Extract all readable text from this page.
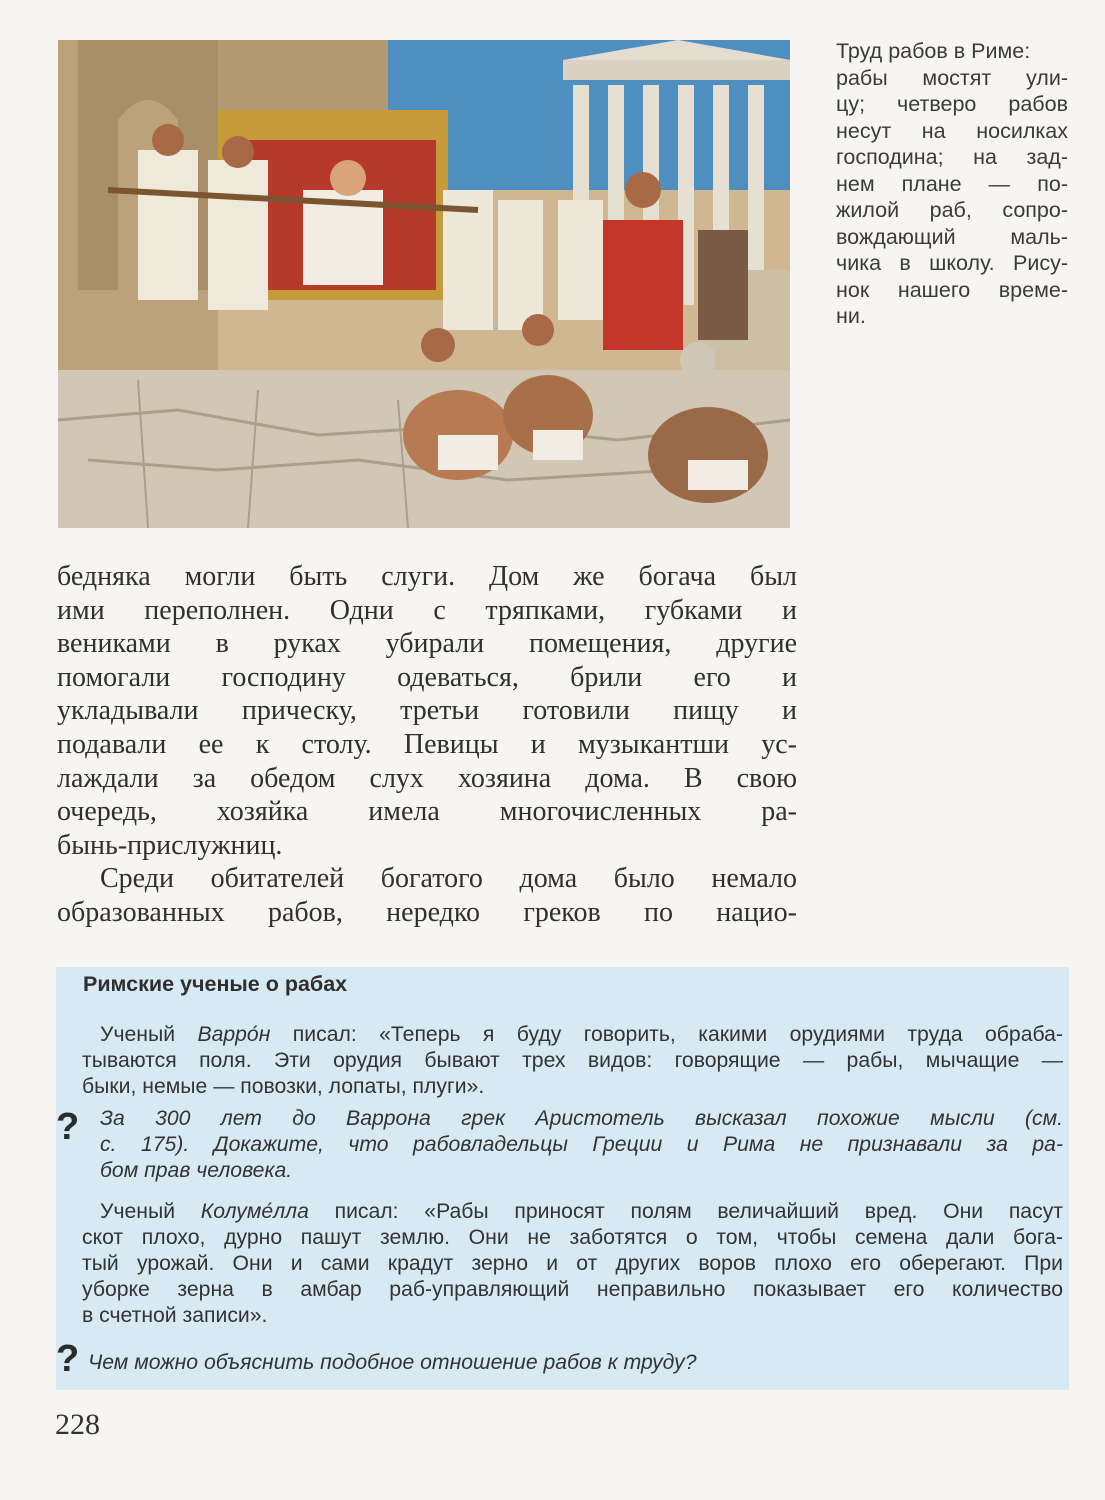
Труд рабов в Риме:
рабы мостят ули-
цу; четверо рабов
несут на носилках
господина; на зад-
нем плане — по-
жилой раб, сопро-
вождающий маль-
чика в школу. Рису-
нок нашего време-
ни.
бедняка могли быть слуги. Дом же богача был
ими переполнен. Одни с тряпками, губками и
вениками в руках убирали помещения, другие
помогали господину одеваться, брили его и
укладывали прическу, третьи готовили пищу и
подавали ее к столу. Певицы и музыкантши ус-
лаждали за обедом слух хозяина дома. В свою
очередь, хозяйка имела многочисленных ра-
бынь-прислужниц.
Среди обитателей богатого дома было немало
образованных рабов, нередко греков по нацио-
Римские ученые о рабах
Ученый Варро́н писал: «Теперь я буду говорить, какими орудиями труда обраба-
тываются поля. Эти орудия бывают трех видов: говорящие — рабы, мычащие —
быки, немые — повозки, лопаты, плуги».
? За 300 лет до Варрона грек Аристотель высказал похожие мысли (см.
с. 175). Докажите, что рабовладельцы Греции и Рима не признавали за ра-
бом прав человека.
Ученый Колуме́лла писал: «Рабы приносят полям величайший вред. Они пасут
скот плохо, дурно пашут землю. Они не заботятся о том, чтобы семена дали бога-
тый урожай. Они и сами крадут зерно и от других воров плохо его оберегают. При
уборке зерна в амбар раб-управляющий неправильно показывает его количество
в счетной записи».
? Чем можно объяснить подобное отношение рабов к труду?
228
